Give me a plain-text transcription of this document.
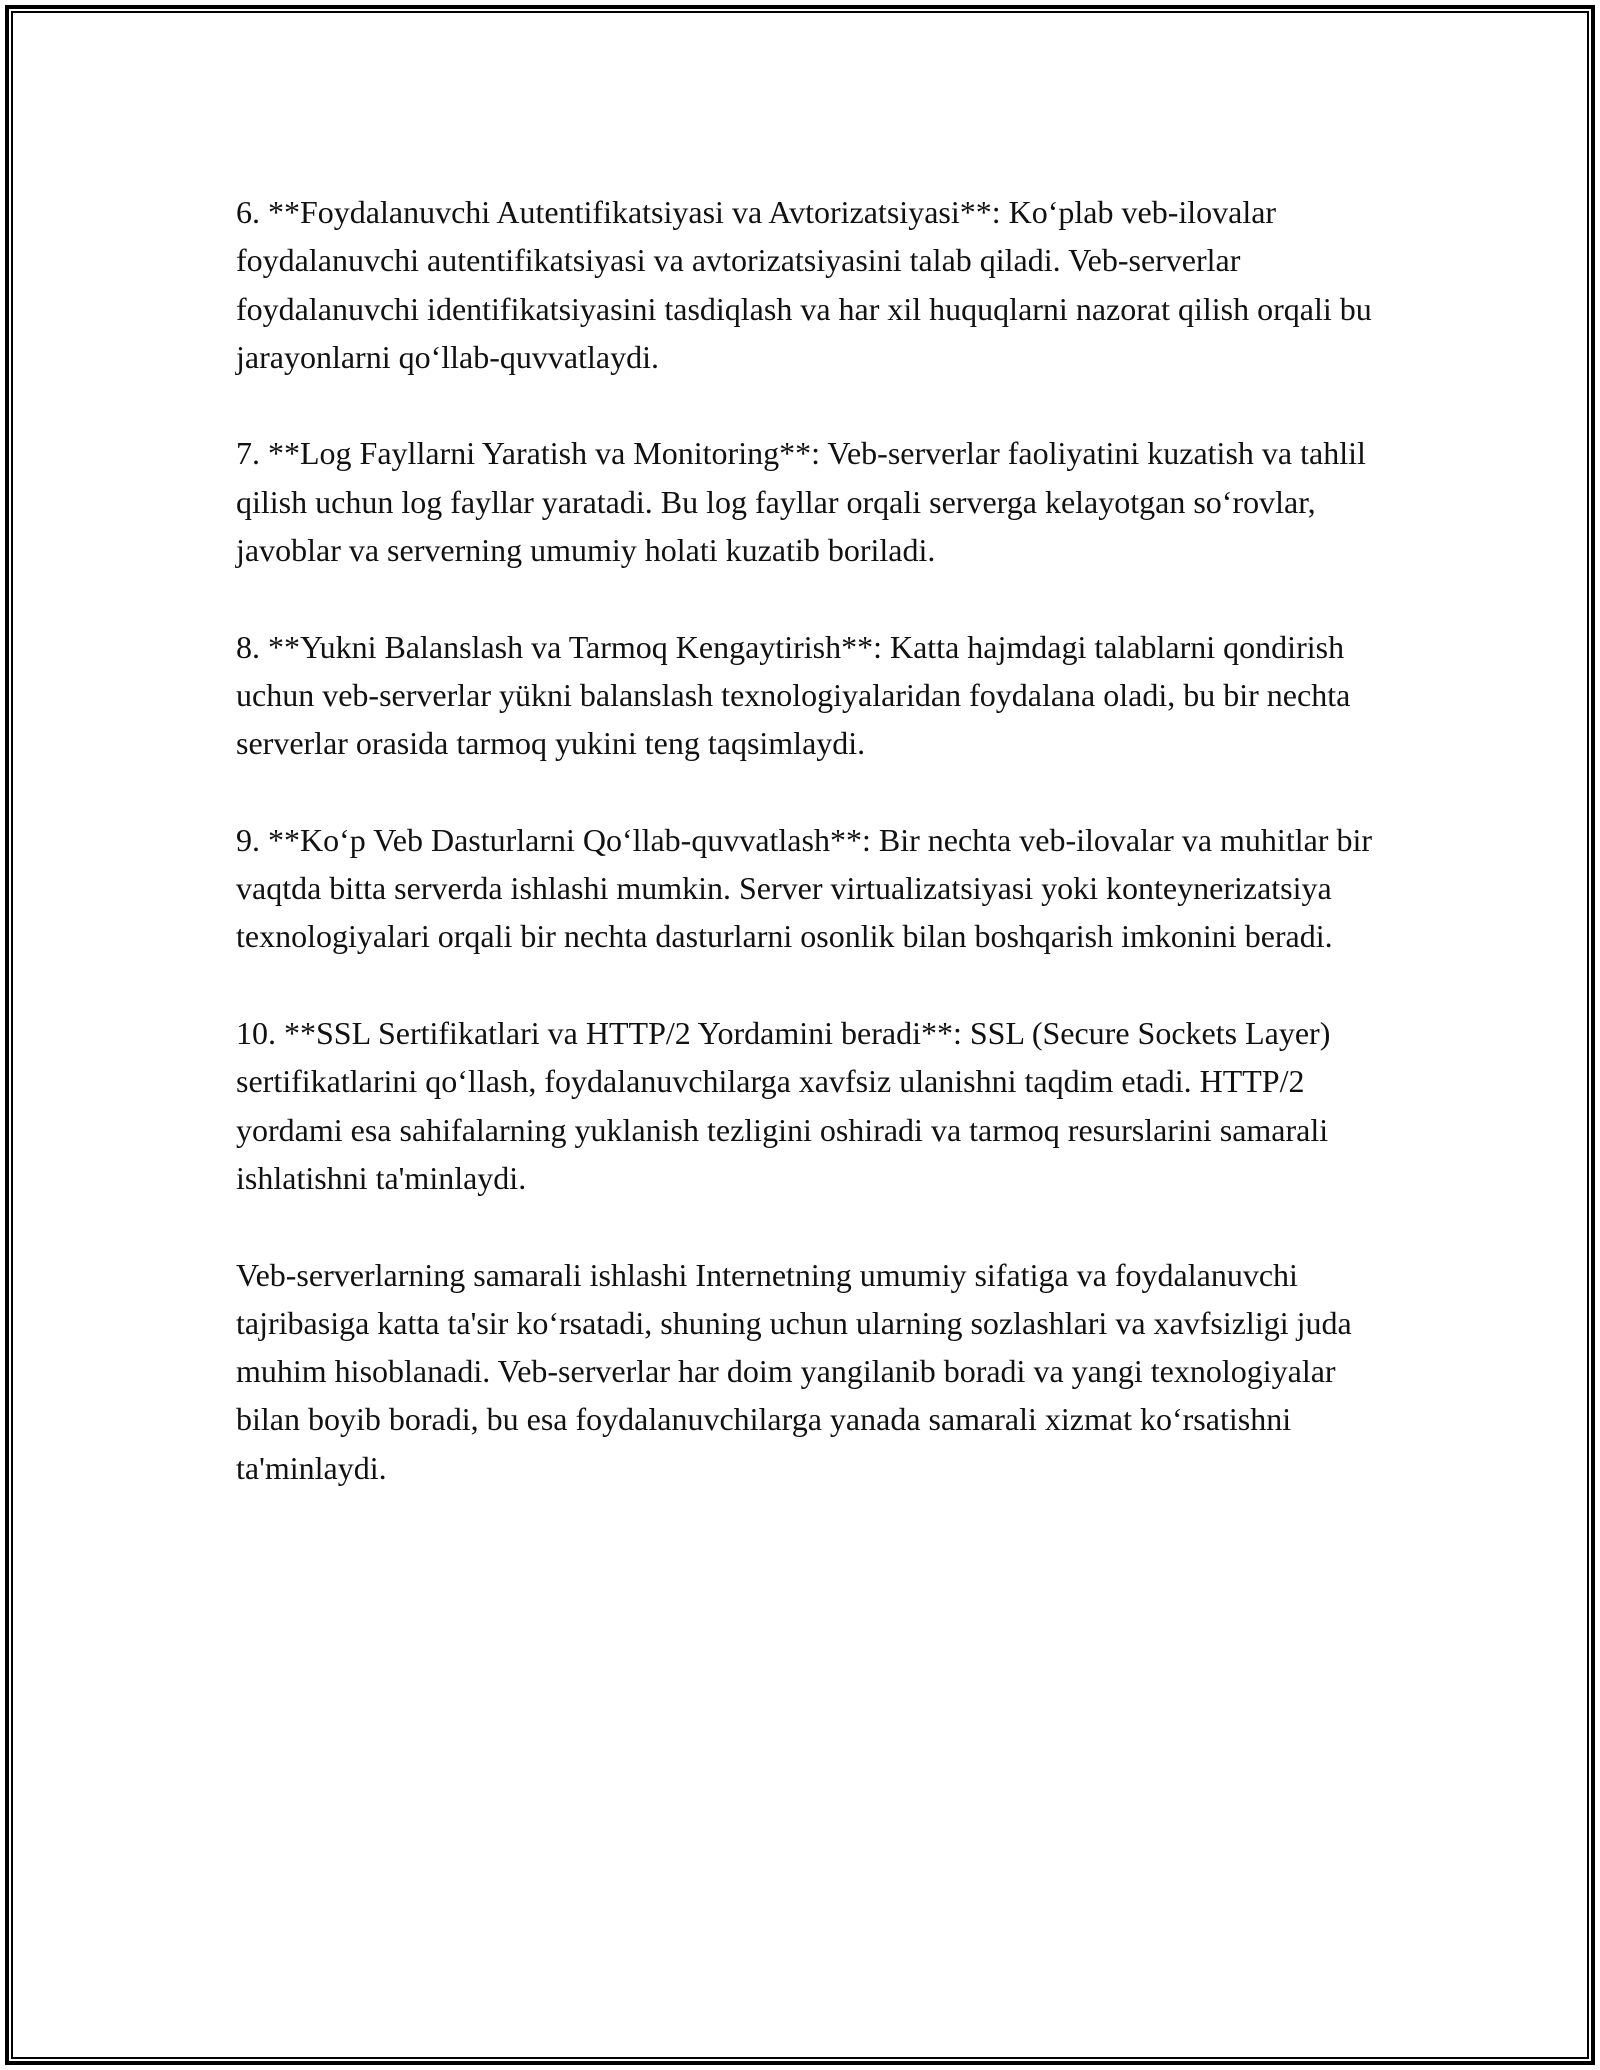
6. **Foydalanuvchi Autentifikatsiyasi va Avtorizatsiyasi**: Ko‘plab veb-ilovalar foydalanuvchi autentifikatsiyasi va avtorizatsiyasini talab qiladi. Veb-serverlar foydalanuvchi identifikatsiyasini tasdiqlash va har xil huquqlarni nazorat qilish orqali bu jarayonlarni qo‘llab-quvvatlaydi.

7. **Log Fayllarni Yaratish va Monitoring**: Veb-serverlar faoliyatini kuzatish va tahlil qilish uchun log fayllar yaratadi. Bu log fayllar orqali serverga kelayotgan so‘rovlar, javoblar va serverning umumiy holati kuzatib boriladi.

8. **Yukni Balanslash va Tarmoq Kengaytirish**: Katta hajmdagi talablarni qondirish uchun veb-serverlar yükni balanslash texnologiyalaridan foydalana oladi, bu bir nechta serverlar orasida tarmoq yukini teng taqsimlaydi.

9. **Ko‘p Veb Dasturlarni Qo‘llab-quvvatlash**: Bir nechta veb-ilovalar va muhitlar bir vaqtda bitta serverda ishlashi mumkin. Server virtualizatsiyasi yoki konteynerizatsiya texnologiyalari orqali bir nechta dasturlarni osonlik bilan boshqarish imkonini beradi.

10. **SSL Sertifikatlari va HTTP/2 Yordamini beradi**: SSL (Secure Sockets Layer) sertifikatlarini qo‘llash, foydalanuvchilarga xavfsiz ulanishni taqdim etadi. HTTP/2 yordami esa sahifalarning yuklanish tezligini oshiradi va tarmoq resurslarini samarali ishlatishni ta'minlaydi.

Veb-serverlarning samarali ishlashi Internetning umumiy sifatiga va foydalanuvchi tajribasiga katta ta'sir ko‘rsatadi, shuning uchun ularning sozlashlari va xavfsizligi juda muhim hisoblanadi. Veb-serverlar har doim yangilanib boradi va yangi texnologiyalar bilan boyib boradi, bu esa foydalanuvchilarga yanada samarali xizmat ko‘rsatishni ta'minlaydi.
